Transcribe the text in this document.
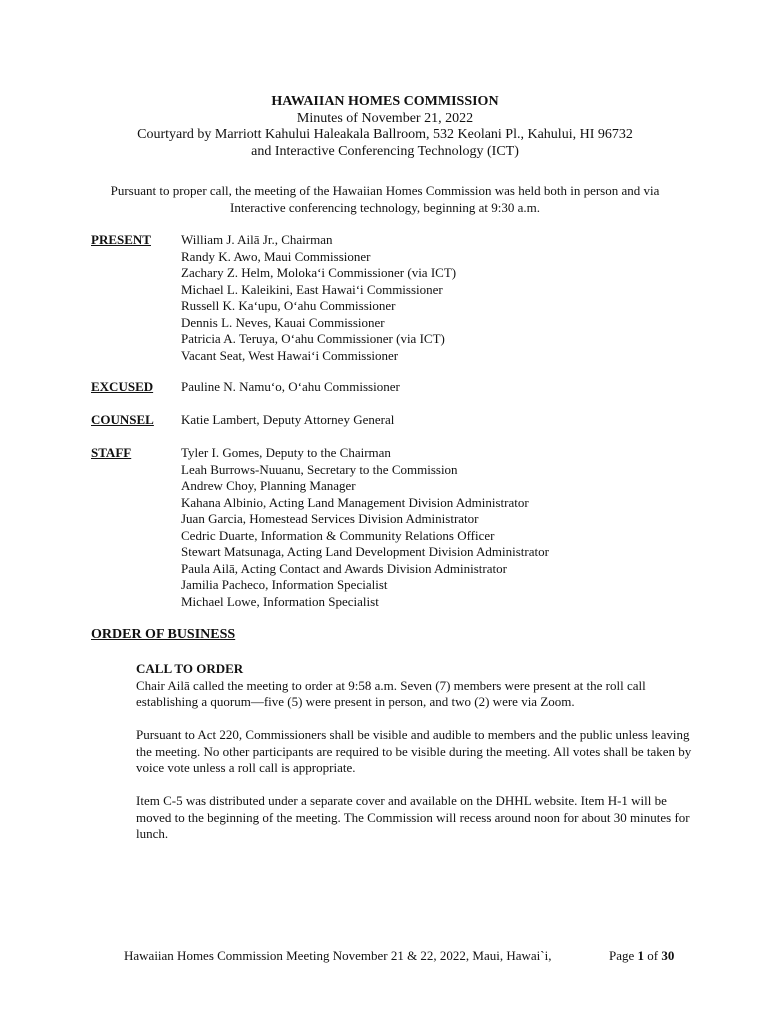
HAWAIIAN HOMES COMMISSION
Minutes of November 21, 2022
Courtyard by Marriott Kahului Haleakala Ballroom, 532 Keolani Pl., Kahului, HI 96732
and Interactive Conferencing Technology (ICT)
Pursuant to proper call, the meeting of the Hawaiian Homes Commission was held both in person and via Interactive conferencing technology, beginning at 9:30 a.m.
PRESENT William J. Ailā Jr., Chairman
Randy K. Awo, Maui Commissioner
Zachary Z. Helm, Molokaʻi Commissioner (via ICT)
Michael L. Kaleikini, East Hawaiʻi Commissioner
Russell K. Kaʻupu, Oʻahu Commissioner
Dennis L. Neves, Kauai Commissioner
Patricia A. Teruya, Oʻahu Commissioner (via ICT)
Vacant Seat, West Hawaiʻi Commissioner
EXCUSED Pauline N. Namuʻo, Oʻahu Commissioner
COUNSEL Katie Lambert, Deputy Attorney General
STAFF	Tyler I. Gomes, Deputy to the Chairman
Leah Burrows-Nuuanu, Secretary to the Commission
Andrew Choy, Planning Manager
Kahana Albinio, Acting Land Management Division Administrator
Juan Garcia, Homestead Services Division Administrator
Cedric Duarte, Information & Community Relations Officer
Stewart Matsunaga, Acting Land Development Division Administrator
Paula Ailā, Acting Contact and Awards Division Administrator
Jamilia Pacheco, Information Specialist
Michael Lowe, Information Specialist
ORDER OF BUSINESS
CALL TO ORDER
Chair Ailā called the meeting to order at 9:58 a.m. Seven (7) members were present at the roll call establishing a quorum—five (5) were present in person, and two (2) were via Zoom.
Pursuant to Act 220, Commissioners shall be visible and audible to members and the public unless leaving the meeting. No other participants are required to be visible during the meeting. All votes shall be taken by voice vote unless a roll call is appropriate.
Item C-5 was distributed under a separate cover and available on the DHHL website. Item H-1 will be moved to the beginning of the meeting. The Commission will recess around noon for about 30 minutes for lunch.
Hawaiian Homes Commission Meeting November 21 & 22, 2022, Maui, Hawai`i,	Page 1 of 30
